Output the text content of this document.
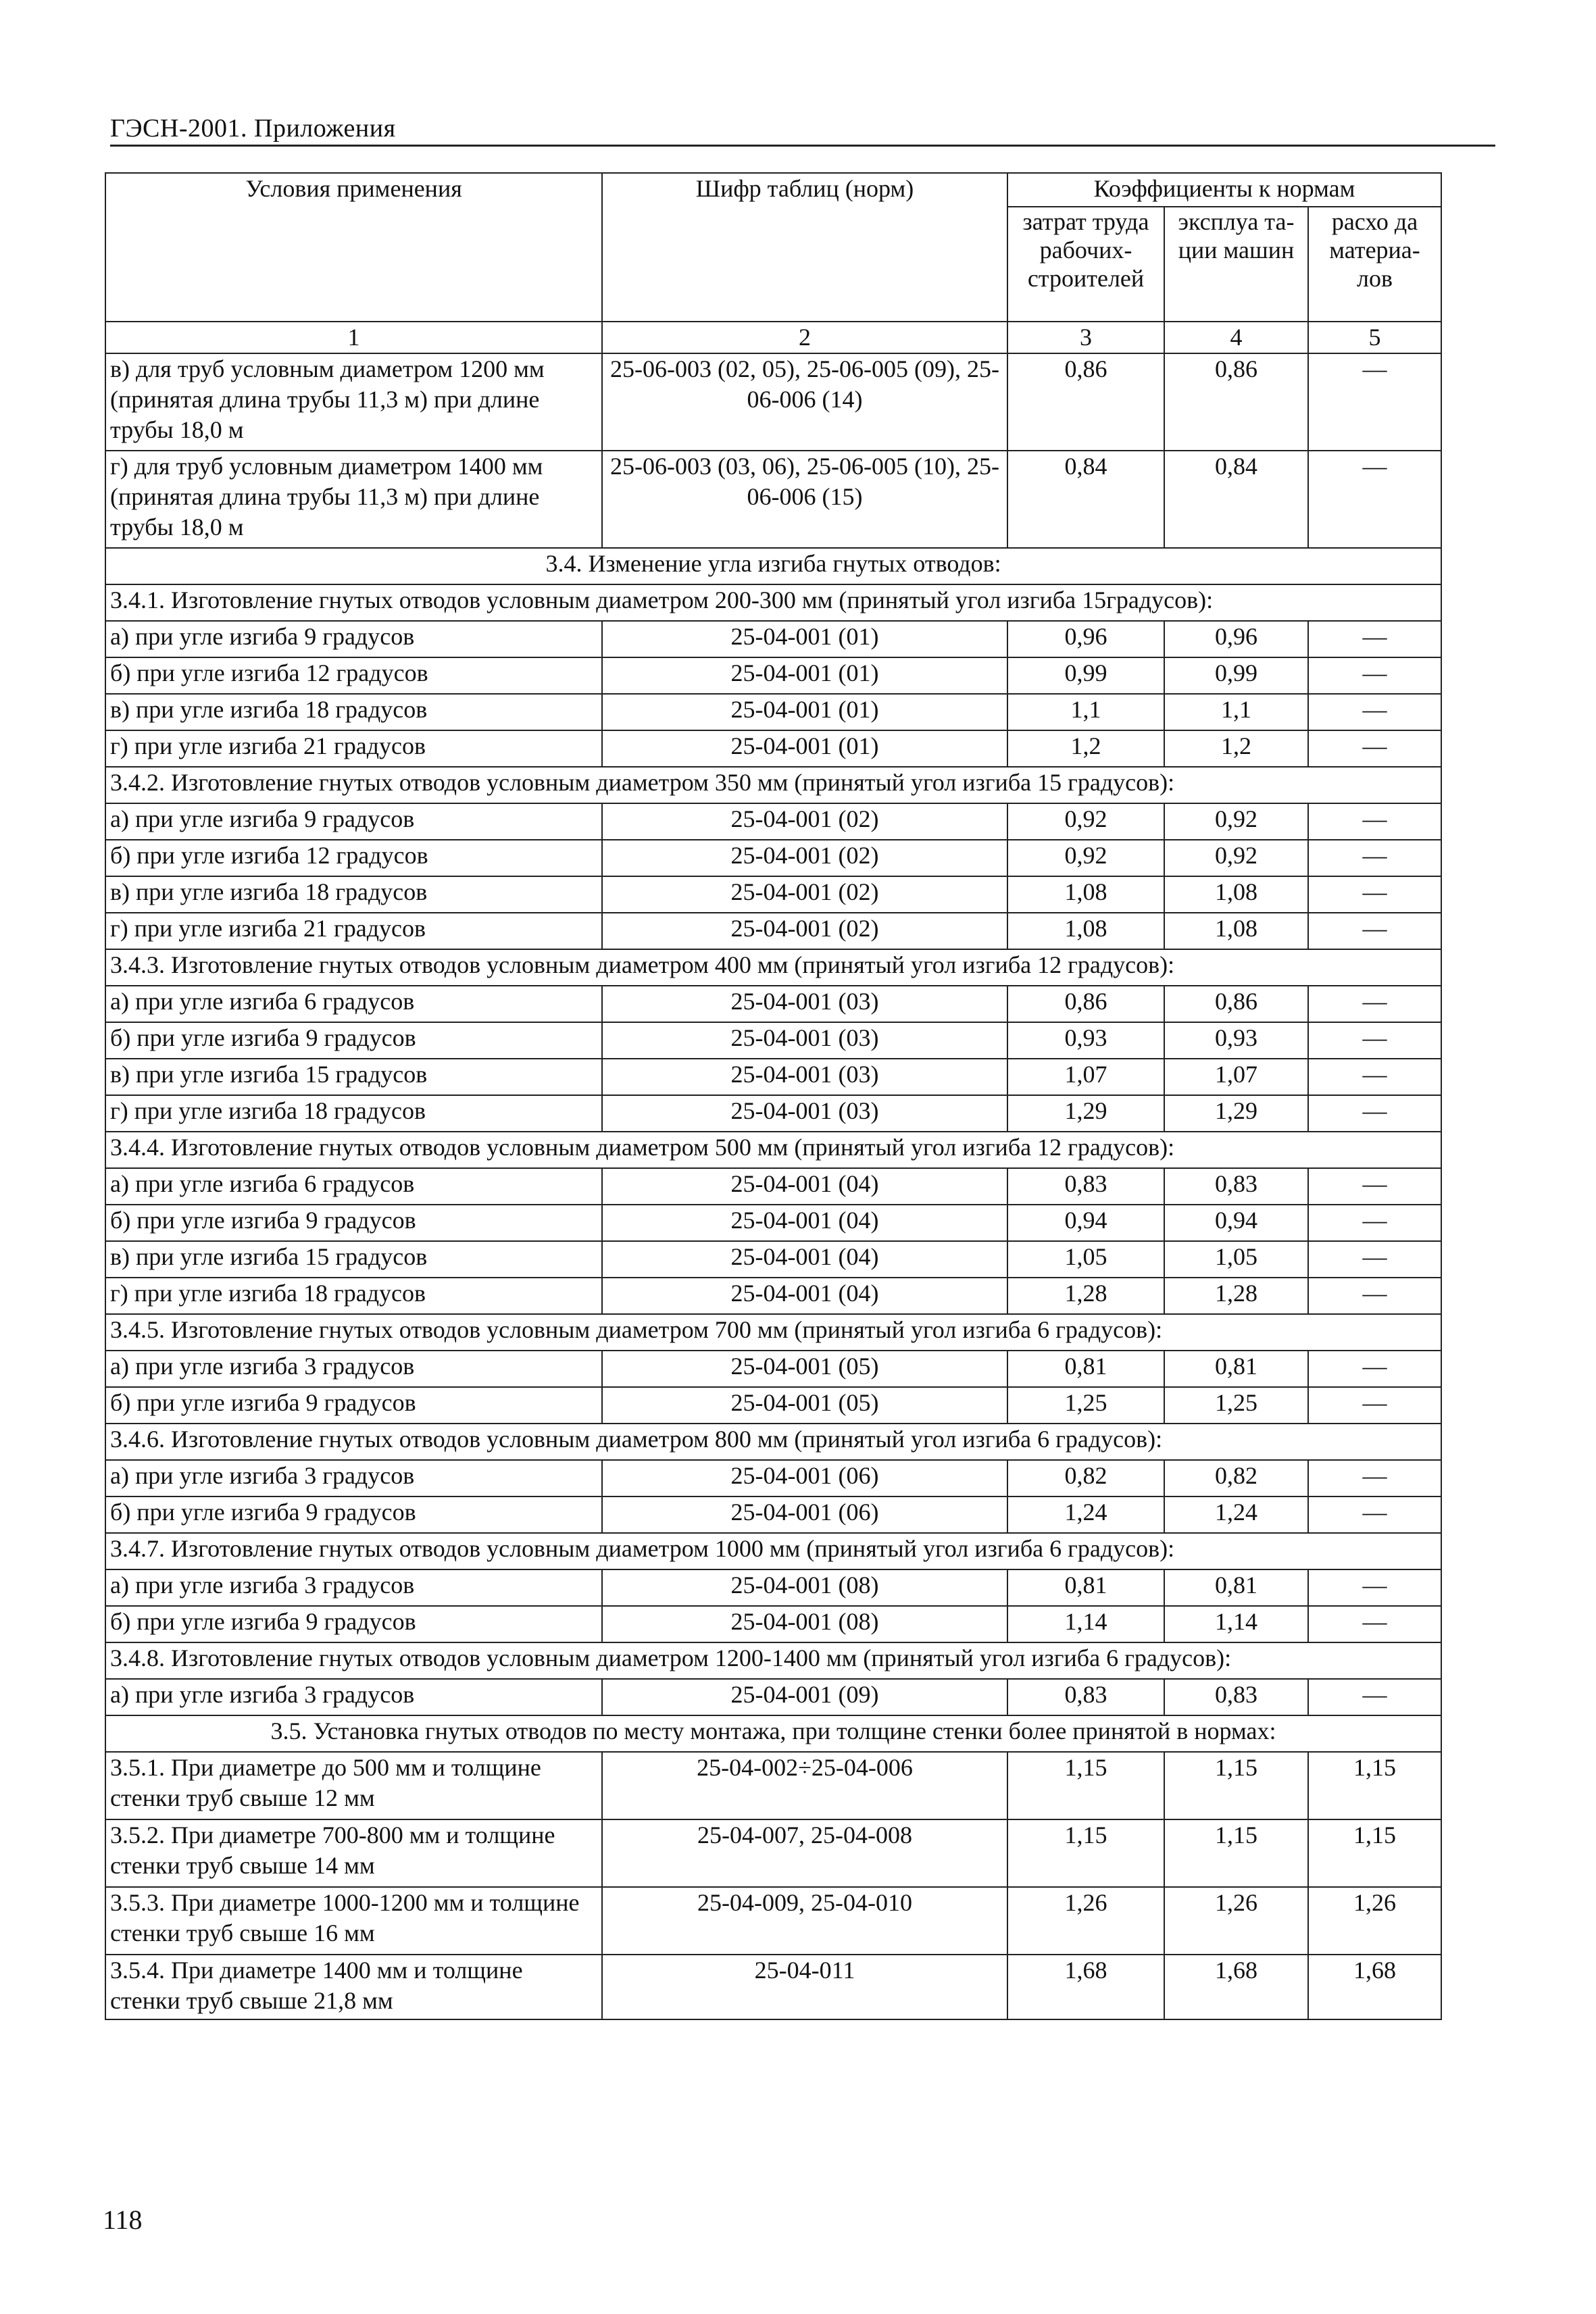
ГЭСН-2001. Приложения
Условия применения	Шифр таблиц (норм)	Коэффициенты к нормам		
		затрат труда рабочих-строителей	эксплуа та-ции машин	расхо да материа-лов
1	2	3	4	5
в) для труб условным диаметром 1200 мм (принятая длина трубы 11,3 м) при длине трубы 18,0 м	25-06-003 (02, 05), 25-06-005 (09), 25-06-006 (14)	0,86	0,86	—
г) для труб условным диаметром 1400 мм (принятая длина трубы 11,3 м) при длине трубы 18,0 м	25-06-003 (03, 06), 25-06-005 (10), 25-06-006 (15)	0,84	0,84	—
3.4. Изменение угла изгиба гнутых отводов:				
3.4.1. Изготовление гнутых отводов условным диаметром 200-300 мм (принятый угол изгиба 15градусов):				
а) при угле изгиба 9 градусов	25-04-001 (01)	0,96	0,96	—
б) при угле изгиба 12 градусов	25-04-001 (01)	0,99	0,99	—
в) при угле изгиба 18 градусов	25-04-001 (01)	1,1	1,1	—
г) при угле изгиба 21 градусов	25-04-001 (01)	1,2	1,2	—
3.4.2. Изготовление гнутых отводов условным диаметром 350 мм (принятый угол изгиба 15 градусов):				
а) при угле изгиба 9 градусов	25-04-001 (02)	0,92	0,92	—
б) при угле изгиба 12 градусов	25-04-001 (02)	0,92	0,92	—
в) при угле изгиба 18 градусов	25-04-001 (02)	1,08	1,08	—
г) при угле изгиба 21 градусов	25-04-001 (02)	1,08	1,08	—
3.4.3. Изготовление гнутых отводов условным диаметром 400 мм (принятый угол изгиба 12 градусов):				
а) при угле изгиба 6 градусов	25-04-001 (03)	0,86	0,86	—
б) при угле изгиба 9 градусов	25-04-001 (03)	0,93	0,93	—
в) при угле изгиба 15 градусов	25-04-001 (03)	1,07	1,07	—
г) при угле изгиба 18 градусов	25-04-001 (03)	1,29	1,29	—
3.4.4. Изготовление гнутых отводов условным диаметром 500 мм (принятый угол изгиба 12 градусов):				
а) при угле изгиба 6 градусов	25-04-001 (04)	0,83	0,83	—
б) при угле изгиба 9 градусов	25-04-001 (04)	0,94	0,94	—
в) при угле изгиба 15 градусов	25-04-001 (04)	1,05	1,05	—
г) при угле изгиба 18 градусов	25-04-001 (04)	1,28	1,28	—
3.4.5. Изготовление гнутых отводов условным диаметром 700 мм (принятый угол изгиба 6 градусов):				
а) при угле изгиба 3 градусов	25-04-001 (05)	0,81	0,81	—
б) при угле изгиба 9 градусов	25-04-001 (05)	1,25	1,25	—
3.4.6. Изготовление гнутых отводов условным диаметром 800 мм (принятый угол изгиба 6 градусов):				
а) при угле изгиба 3 градусов	25-04-001 (06)	0,82	0,82	—
б) при угле изгиба 9 градусов	25-04-001 (06)	1,24	1,24	—
3.4.7. Изготовление гнутых отводов условным диаметром 1000 мм (принятый угол изгиба 6 градусов):				
а) при угле изгиба 3 градусов	25-04-001 (08)	0,81	0,81	—
б) при угле изгиба 9 градусов	25-04-001 (08)	1,14	1,14	—
3.4.8. Изготовление гнутых отводов условным диаметром 1200-1400 мм (принятый угол изгиба 6 градусов):				
а) при угле изгиба 3 градусов	25-04-001 (09)	0,83	0,83	—
3.5. Установка гнутых отводов по месту монтажа, при толщине стенки более принятой в нормах:				
3.5.1. При диаметре до 500 мм и толщине стенки труб свыше 12 мм	25-04-002÷25-04-006	1,15	1,15	1,15
3.5.2. При диаметре 700-800 мм и толщине стенки труб свыше 14 мм	25-04-007, 25-04-008	1,15	1,15	1,15
3.5.3. При диаметре 1000-1200 мм и толщине стенки труб свыше 16 мм	25-04-009, 25-04-010	1,26	1,26	1,26
3.5.4. При диаметре 1400 мм и толщине стенки труб свыше 21,8 мм	25-04-011	1,68	1,68	1,68
118
